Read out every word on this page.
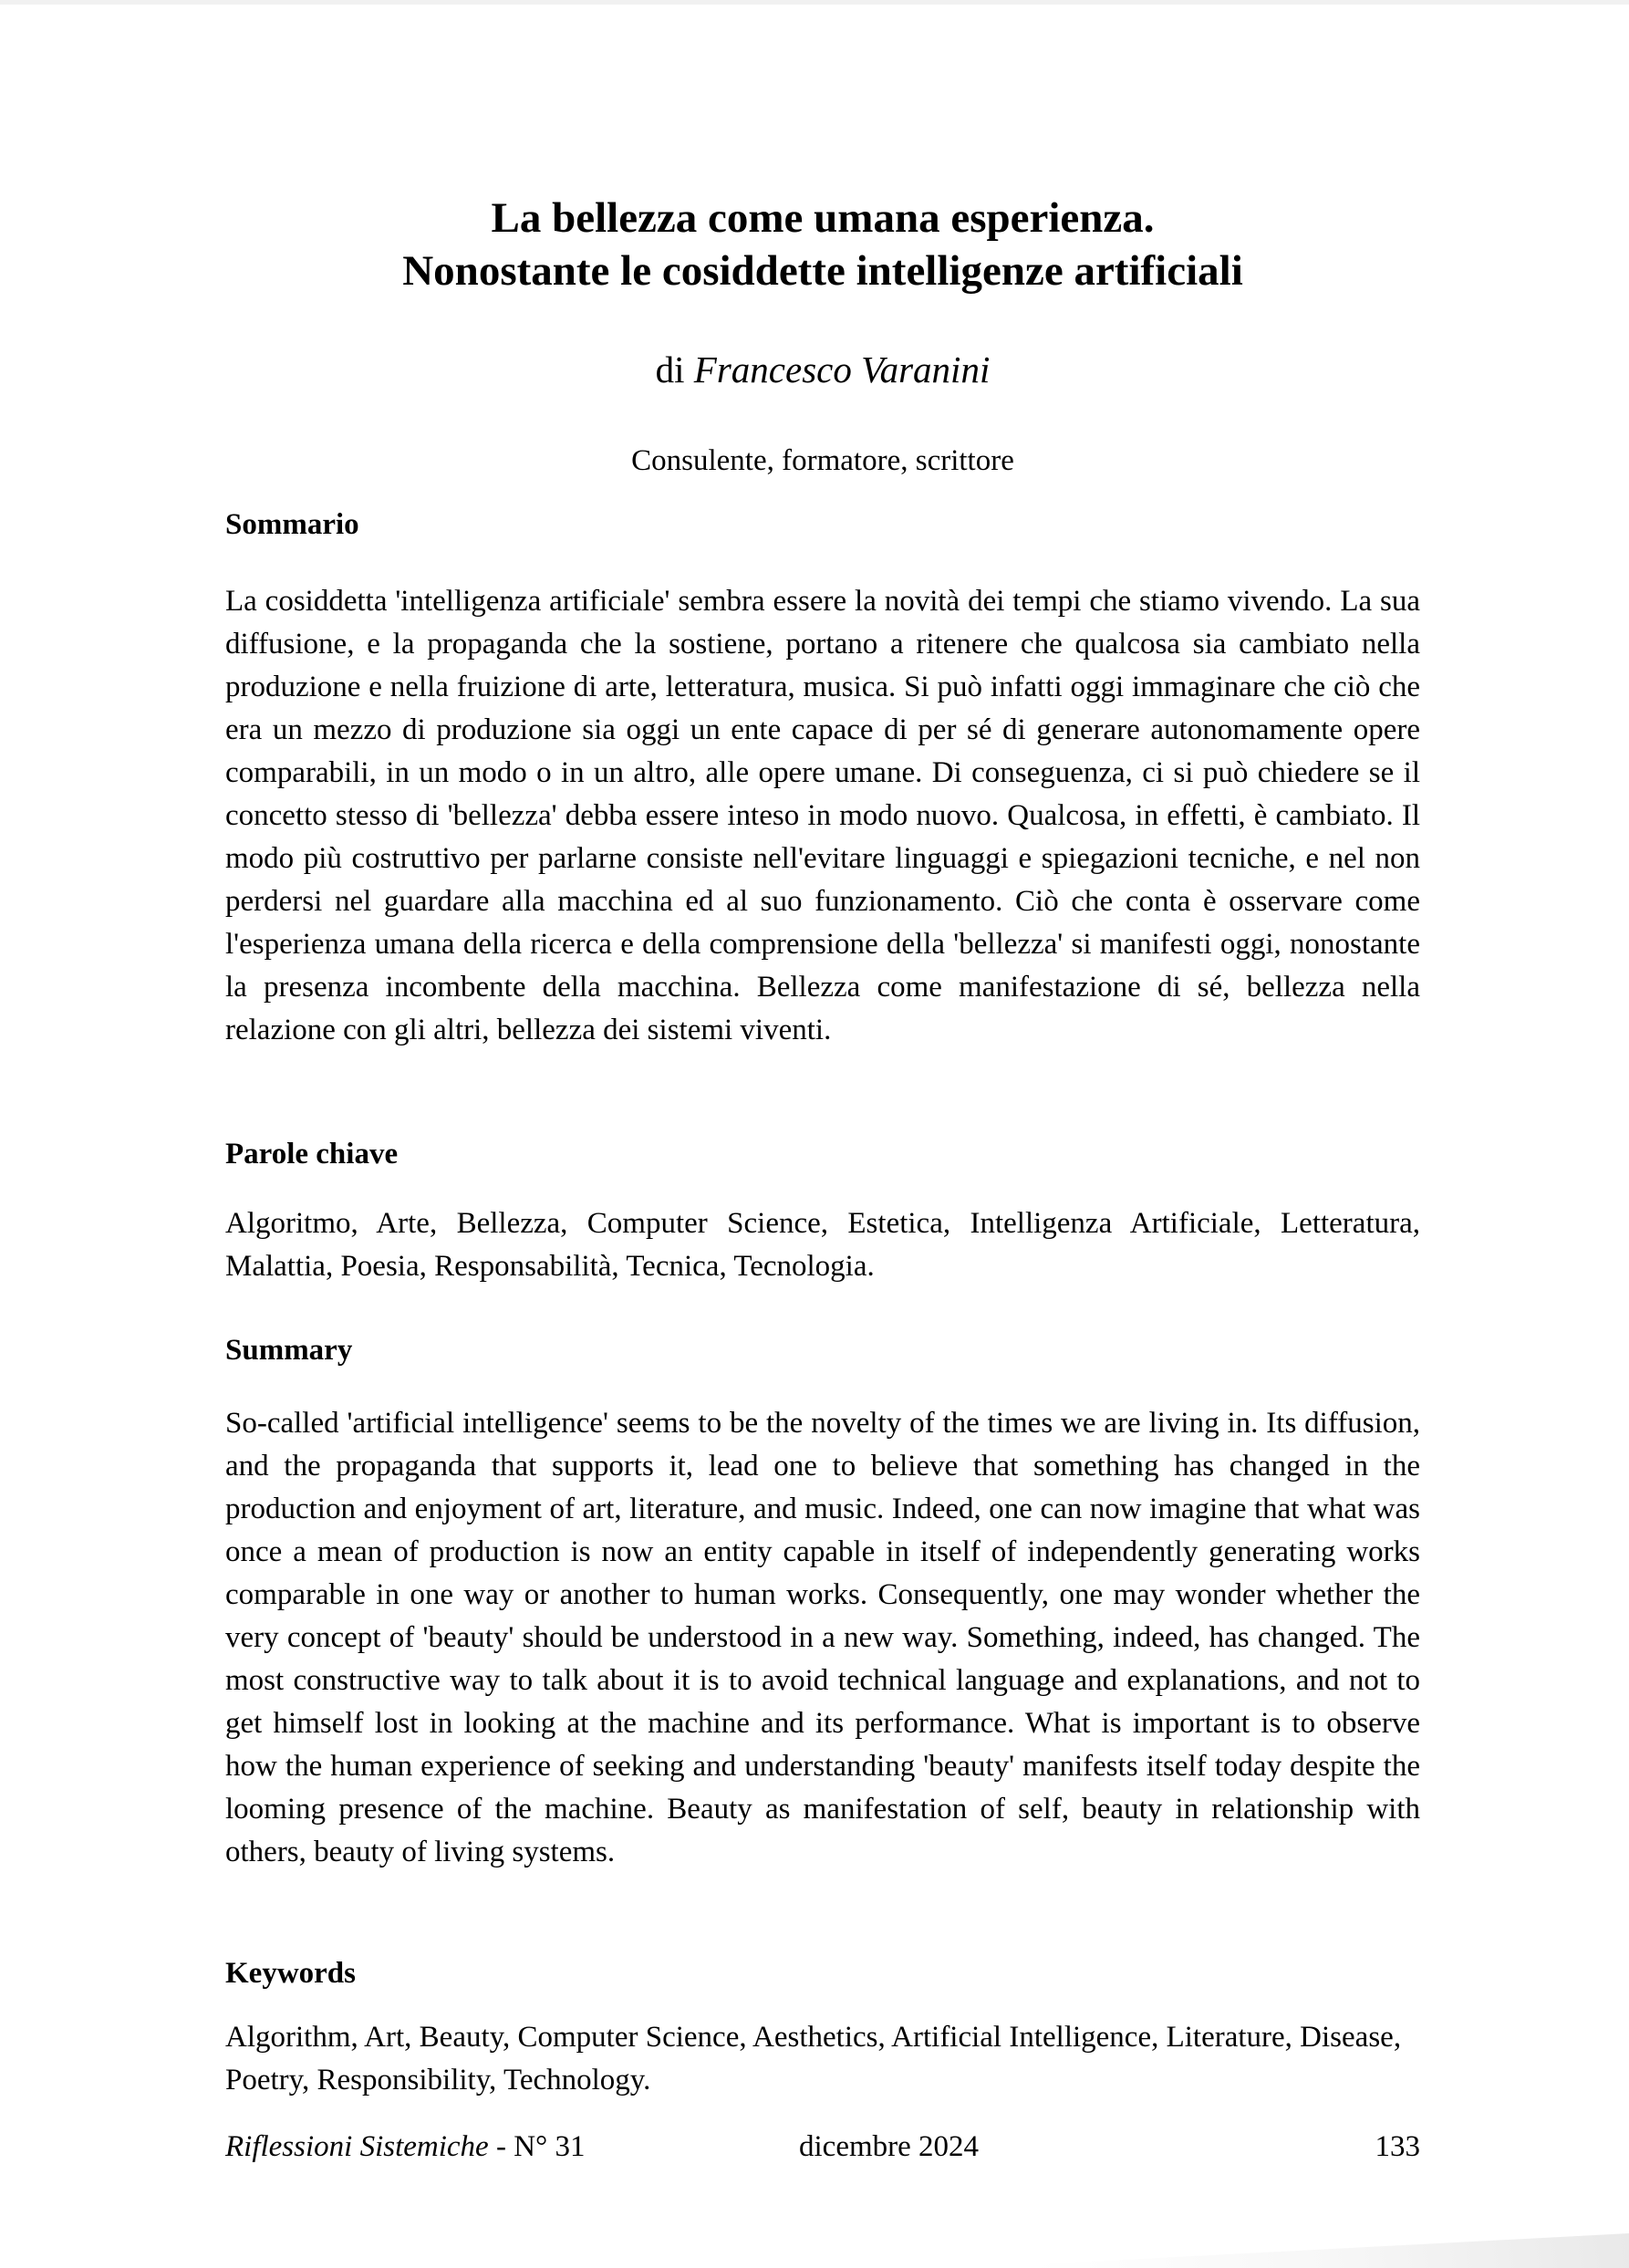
La bellezza come umana esperienza.
Nonostante le cosiddette intelligenze artificiali
di Francesco Varanini
Consulente, formatore, scrittore
Sommario
La cosiddetta 'intelligenza artificiale' sembra essere la novità dei tempi che stiamo vivendo. La sua diffusione, e la propaganda che la sostiene, portano a ritenere che qualcosa sia cambiato nella produzione e nella fruizione di arte, letteratura, musica. Si può infatti oggi immaginare che ciò che era un mezzo di produzione sia oggi un ente capace di per sé di generare autonomamente opere comparabili, in un modo o in un altro, alle opere umane. Di conseguenza, ci si può chiedere se il concetto stesso di 'bellezza' debba essere inteso in modo nuovo. Qualcosa, in effetti, è cambiato. Il modo più costruttivo per parlarne consiste nell'evitare linguaggi e spiegazioni tecniche, e nel non perdersi nel guardare alla macchina ed al suo funzionamento. Ciò che conta è osservare come l'esperienza umana della ricerca e della comprensione della 'bellezza' si manifesti oggi, nonostante la presenza incombente della macchina. Bellezza come manifestazione di sé, bellezza nella relazione con gli altri, bellezza dei sistemi viventi.
Parole chiave
Algoritmo, Arte, Bellezza, Computer Science, Estetica, Intelligenza Artificiale, Letteratura, Malattia, Poesia, Responsabilità, Tecnica, Tecnologia.
Summary
So-called 'artificial intelligence' seems to be the novelty of the times we are living in. Its diffusion, and the propaganda that supports it, lead one to believe that something has changed in the production and enjoyment of art, literature, and music. Indeed, one can now imagine that what was once a mean of production is now an entity capable in itself of independently generating works comparable in one way or another to human works. Consequently, one may wonder whether the very concept of 'beauty' should be understood in a new way. Something, indeed, has changed. The most constructive way to talk about it is to avoid technical language and explanations, and not to get himself lost in looking at the machine and its performance. What is important is to observe how the human experience of seeking and understanding 'beauty' manifests itself today despite the looming presence of the machine. Beauty as manifestation of self, beauty in relationship with others, beauty of living systems.
Keywords
Algorithm, Art, Beauty, Computer Science, Aesthetics, Artificial Intelligence, Literature, Disease, Poetry, Responsibility, Technology.
Riflessioni Sistemiche - N° 31	dicembre 2024	133
